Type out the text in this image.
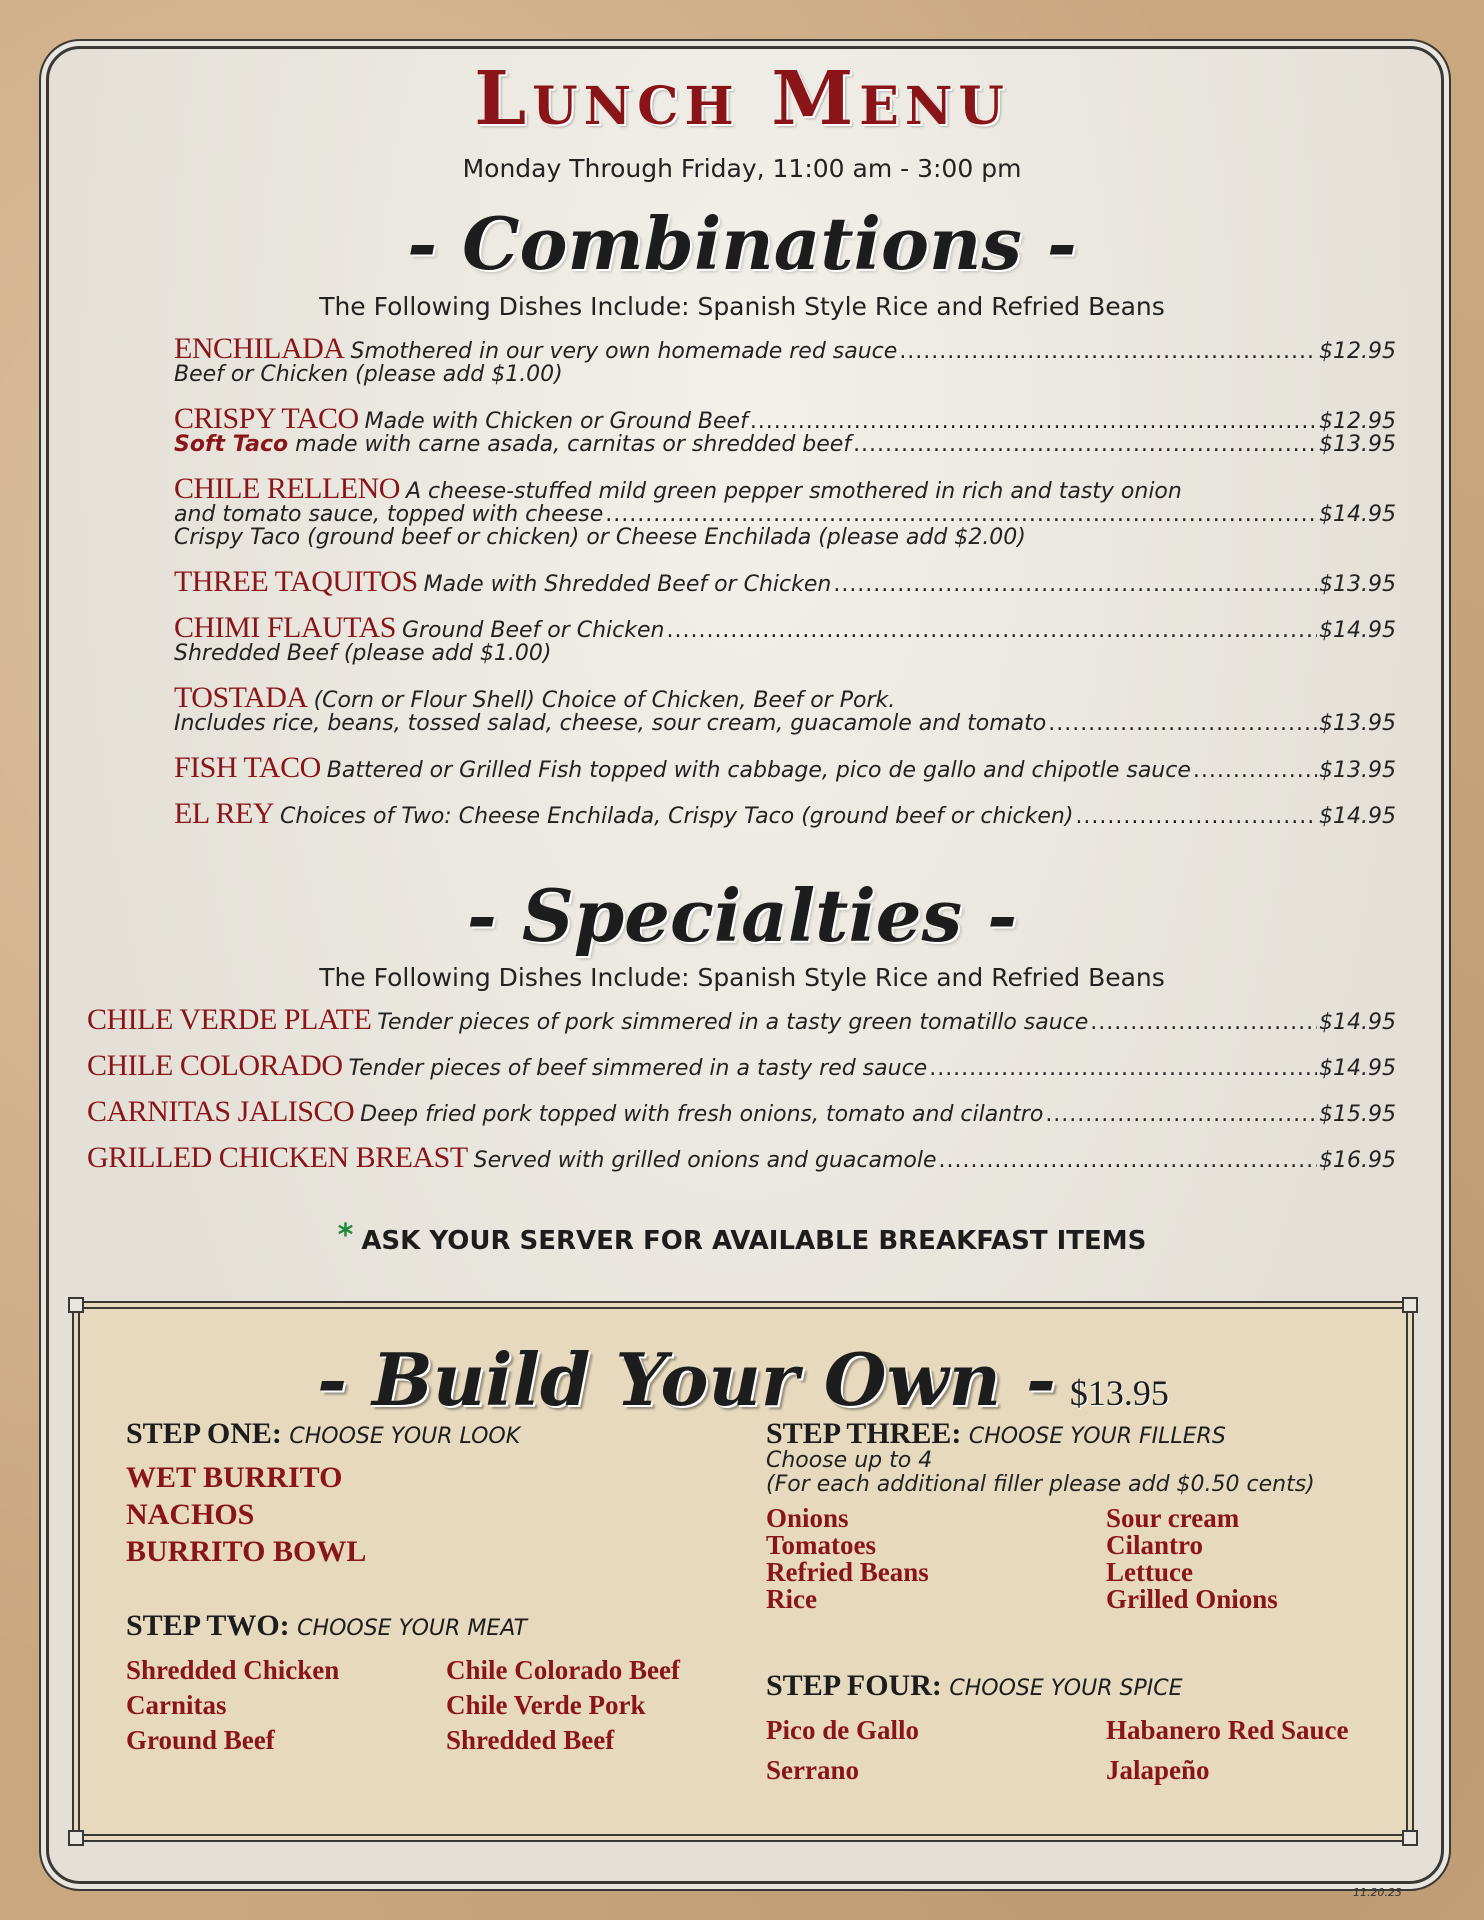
Lunch Menu
Monday Through Friday, 11:00 am - 3:00 pm
- Combinations -
The Following Dishes Include: Spanish Style Rice and Refried Beans
ENCHILADA Smothered in our very own homemade red sauce .....	$12.95
Beef or Chicken (please add $1.00)
CRISPY TACO Made with Chicken or Ground Beef .....	$12.95
Soft Taco
made with carne asada, carnitas or shredded beef .....	$13.95
CHILE RELLENO A cheese-stuffed mild green pepper smothered in rich and tasty onion
and tomato sauce, topped with cheese .....	$14.95
Crispy Taco (ground beef or chicken) or Cheese Enchilada (please add $2.00)
THREE TAQUITOS Made with Shredded Beef or Chicken .....	$13.95
CHIMI FLAUTAS Ground Beef or Chicken .....	$14.95
Shredded Beef (please add $1.00)
TOSTADA (Corn or Flour Shell) Choice of Chicken, Beef or Pork.
Includes rice, beans, tossed salad, cheese, sour cream, guacamole and tomato .....	$13.95
FISH TACO Battered or Grilled Fish topped with cabbage, pico de gallo and chipotle sauce .....	$13.95
EL REY Choices of Two: Cheese Enchilada, Crispy Taco (ground beef or chicken) .....	$14.95
- Specialties -
The Following Dishes Include: Spanish Style Rice and Refried Beans
CHILE VERDE PLATE Tender pieces of pork simmered in a tasty green tomatillo sauce .....	$14.95
CHILE COLORADO Tender pieces of beef simmered in a tasty red sauce .....	$14.95
CARNITAS JALISCO Deep fried pork topped with fresh onions, tomato and cilantro .....	$15.95
GRILLED CHICKEN BREAST Served with grilled onions and guacamole .....	$16.95
* ASK YOUR SERVER FOR AVAILABLE BREAKFAST ITEMS
- Build Your Own - $13.95
STEP ONE: CHOOSE YOUR LOOK
WET BURRITO
NACHOS
BURRITO BOWL
STEP TWO: CHOOSE YOUR MEAT
Shredded Chicken
Carnitas
Ground Beef
Chile Colorado Beef
Chile Verde Pork
Shredded Beef
STEP THREE: CHOOSE YOUR FILLERS
Choose up to 4
(For each additional filler please add $0.50 cents)
Onions
Tomatoes
Refried Beans
Rice
Sour cream
Cilantro
Lettuce
Grilled Onions
STEP FOUR: CHOOSE YOUR SPICE
Pico de Gallo
Serrano
Habanero Red Sauce
Jalapeño
11.20.23
